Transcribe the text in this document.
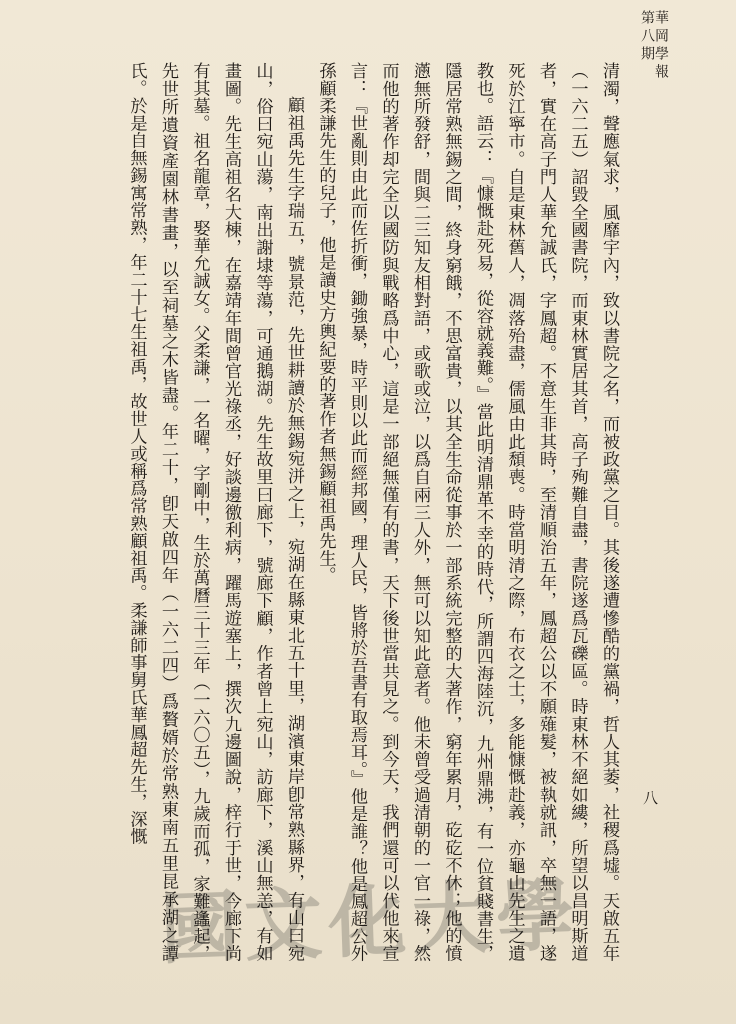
華岡學報
第八期
八

清濁，聲應氣求，風靡宇內，致以書院之名，而被政黨之目。其後遂遭慘酷的黨禍，哲人其萎，社稷爲墟。天啟五年（一六二五）詔毀全國書院，而東林實居其首，高子殉難自盡，書院遂爲瓦礫區。時東林不絕如縷，所望以昌明斯道者，實在高子門人華允誠氏，字鳳超。不意生非其時，至清順治五年，鳳超公以不願薙髮，被執就訊，卒無一語，遂死於江寧市。自是東林舊人，凋落殆盡，儒風由此頹喪。時當明清之際，布衣之士，多能慷慨赴義，亦龜山先生之遺教也。語云：『慷慨赴死易，從容就義難。』當此明清鼎革不幸的時代，所謂四海陸沉，九州鼎沸，有一位貧賤書生，隱居常熟無錫之間，終身窮餓，不思富貴，以其全生命從事於一部系統完整的大著作，窮年累月，矻矻不休；他的憤懣無所發舒，間與二三知友相對語，或歌或泣，以爲自兩三人外，無可以知此意者。他未曾受過清朝的一官一祿，然而他的著作却完全以國防與戰略爲中心，這是一部絕無僅有的書，天下後世當共見之。到今天，我們還可以代他來宣言：『世亂則由此而佐折衝，鋤強暴，時平則以此而經邦國，理人民，皆將於吾書有取焉耳。』他是誰？他是鳳超公外孫顧柔謙先生的兒子，他是讀史方輿紀要的著作者無錫顧祖禹先生。

顧祖禹先生字瑞五，號景范，先世耕讀於無錫宛洴之上，宛湖在縣東北五十里，湖濱東岸卽常熟縣界，有山曰宛山，俗曰宛山蕩，南出謝埭等蕩，可通鵝湖。先生故里曰廊下，號廊下顧，作者曾上宛山，訪廊下，溪山無恙，有如畫圖。先生高祖名大棟，在嘉靖年間曾官光祿丞，好談邊徼利病，躍馬遊塞上，撰次九邊圖說，梓行于世，今廊下尚有其墓。祖名龍章，娶華允誠女。父柔謙，一名曜，字剛中，生於萬曆三十三年（一六〇五），九歲而孤，家難蠭起，先世所遺資產園林書畫，以至祠墓之木皆盡。年二十，卽天啟四年（一六二四）爲贅婿於常熟東南五里昆承湖之譚氏。於是自無錫寓常熟，年二十七生祖禹，故世人或稱爲常熟顧祖禹。柔謙師事舅氏華鳳超先生，深慨

國文化大學
